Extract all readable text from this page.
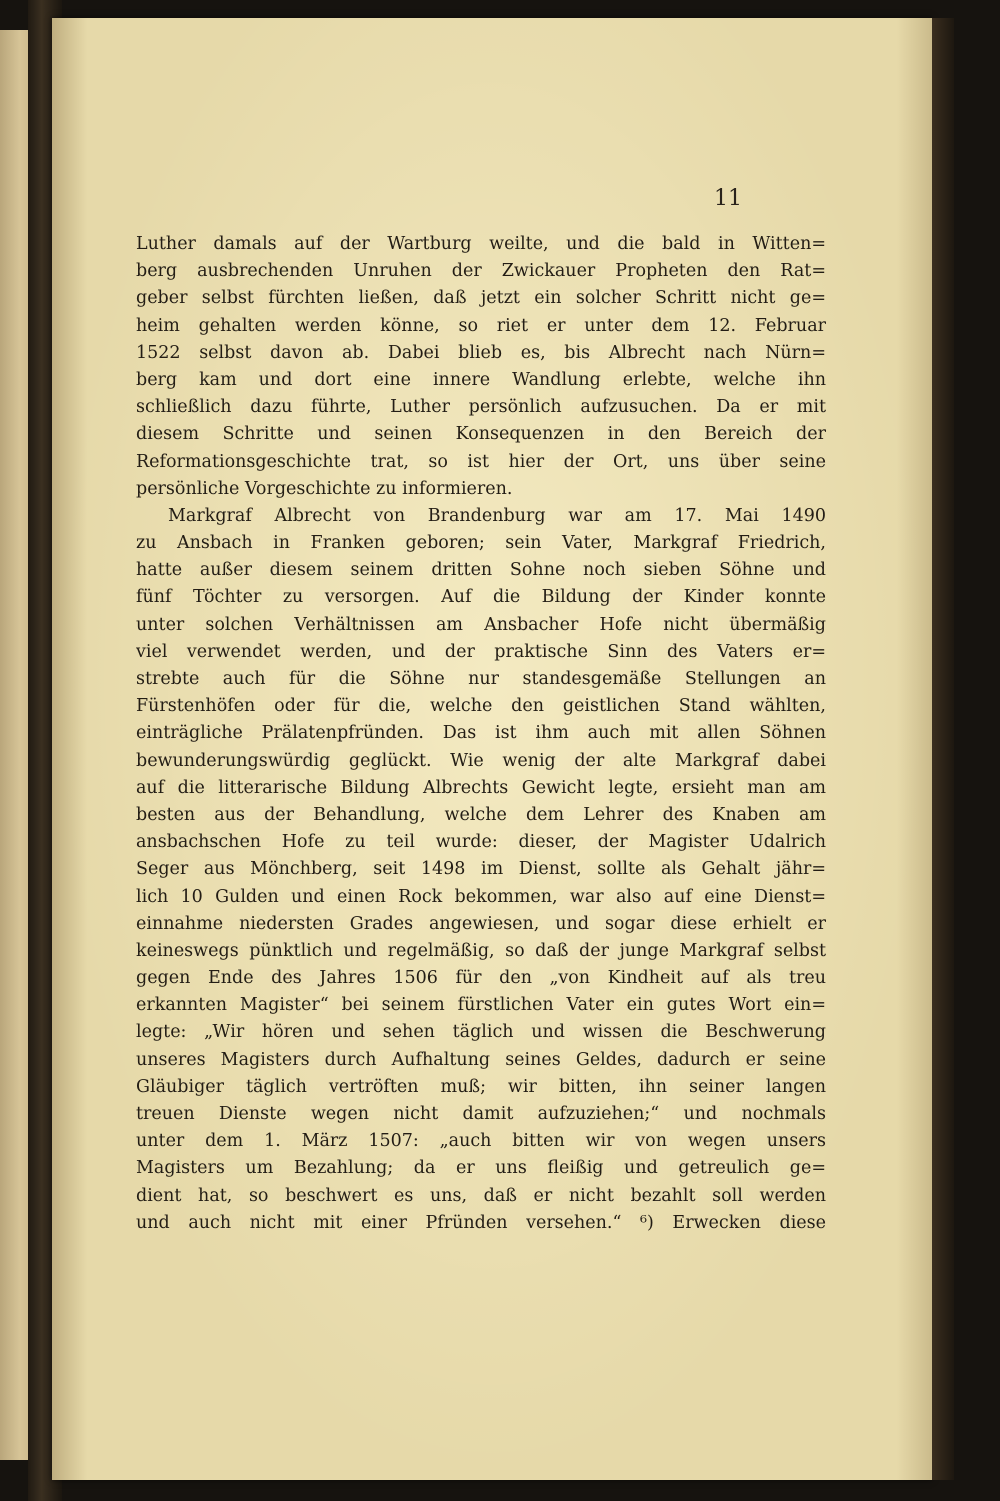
11

Luther damals auf der Wartburg weilte, und die bald in Witten=
berg ausbrechenden Unruhen der Zwickauer Propheten den Rat=
geber selbst fürchten ließen, daß jetzt ein solcher Schritt nicht ge=
heim gehalten werden könne, so riet er unter dem 12. Februar
1522 selbst davon ab. Dabei blieb es, bis Albrecht nach Nürn=
berg kam und dort eine innere Wandlung erlebte, welche ihn
schließlich dazu führte, Luther persönlich aufzusuchen. Da er mit
diesem Schritte und seinen Konsequenzen in den Bereich der
Reformationsgeschichte trat, so ist hier der Ort, uns über seine
persönliche Vorgeschichte zu informieren.
Markgraf Albrecht von Brandenburg war am 17. Mai 1490
zu Ansbach in Franken geboren; sein Vater, Markgraf Friedrich,
hatte außer diesem seinem dritten Sohne noch sieben Söhne und
fünf Töchter zu versorgen. Auf die Bildung der Kinder konnte
unter solchen Verhältnissen am Ansbacher Hofe nicht übermäßig
viel verwendet werden, und der praktische Sinn des Vaters er=
strebte auch für die Söhne nur standesgemäße Stellungen an
Fürstenhöfen oder für die, welche den geistlichen Stand wählten,
einträgliche Prälatenpfründen. Das ist ihm auch mit allen Söhnen
bewunderungswürdig geglückt. Wie wenig der alte Markgraf dabei
auf die litterarische Bildung Albrechts Gewicht legte, ersieht man am
besten aus der Behandlung, welche dem Lehrer des Knaben am
ansbachschen Hofe zu teil wurde: dieser, der Magister Udalrich
Seger aus Mönchberg, seit 1498 im Dienst, sollte als Gehalt jähr=
lich 10 Gulden und einen Rock bekommen, war also auf eine Dienst=
einnahme niedersten Grades angewiesen, und sogar diese erhielt er
keineswegs pünktlich und regelmäßig, so daß der junge Markgraf selbst
gegen Ende des Jahres 1506 für den „von Kindheit auf als treu
erkannten Magister“ bei seinem fürstlichen Vater ein gutes Wort ein=
legte: „Wir hören und sehen täglich und wissen die Beschwerung
unseres Magisters durch Aufhaltung seines Geldes, dadurch er seine
Gläubiger täglich vertröften muß; wir bitten, ihn seiner langen
treuen Dienste wegen nicht damit aufzuziehen;“ und nochmals
unter dem 1. März 1507: „auch bitten wir von wegen unsers
Magisters um Bezahlung; da er uns fleißig und getreulich ge=
dient hat, so beschwert es uns, daß er nicht bezahlt soll werden
und auch nicht mit einer Pfründen versehen.“ ⁶) Erwecken diese
